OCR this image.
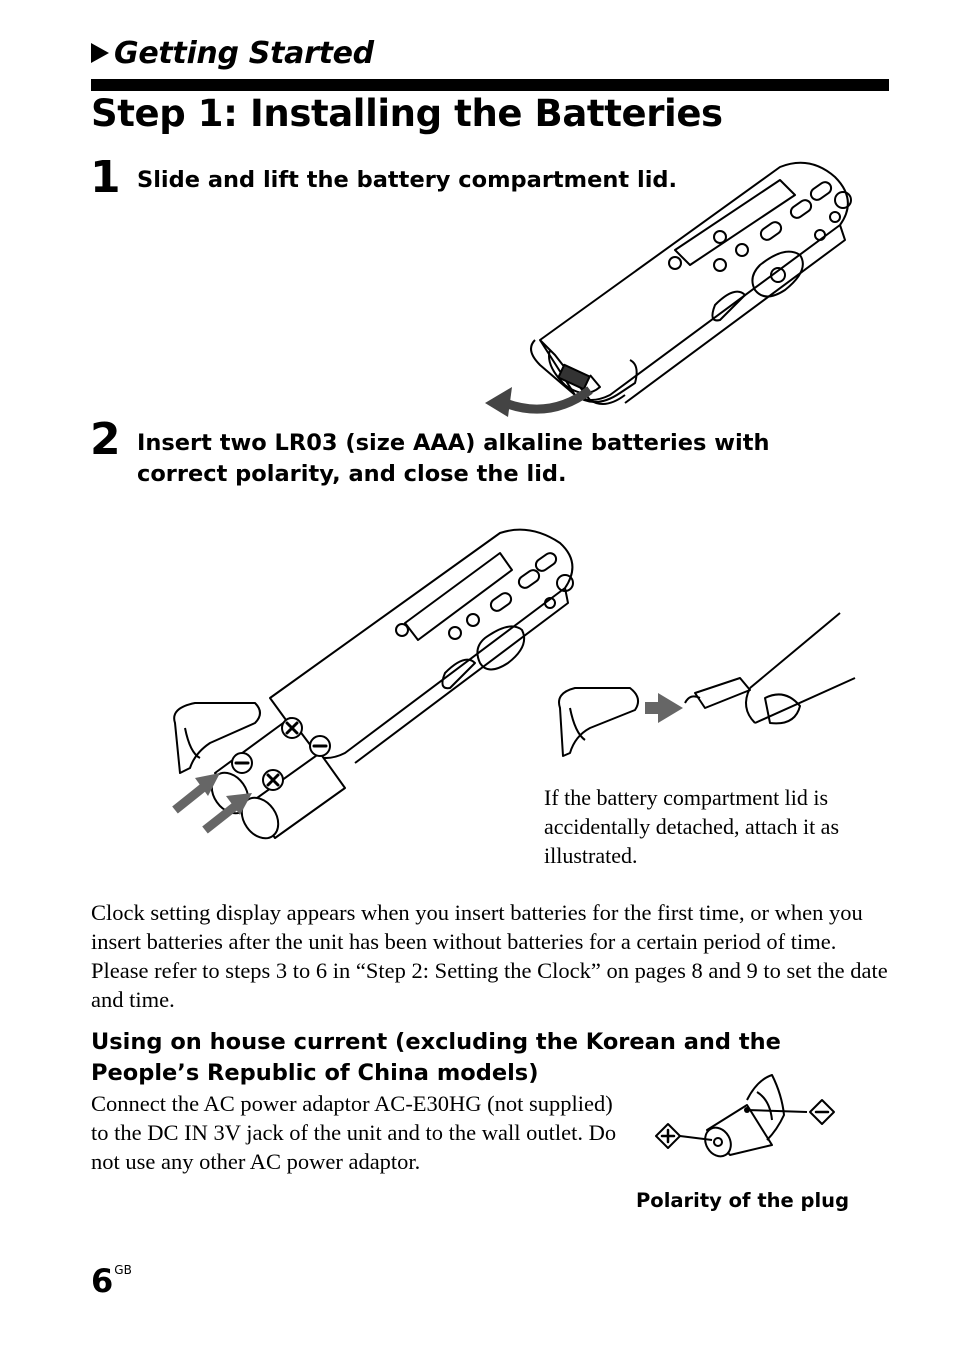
Getting Started
Step 1: Installing the Batteries
1 Slide and lift the battery compartment lid.
2 Insert two LR03 (size AAA) alkaline batteries with correct polarity, and close the lid.
If the battery compartment lid is accidentally detached, attach it as illustrated.
Clock setting display appears when you insert batteries for the first time, or when you insert batteries after the unit has been without batteries for a certain period of time. Please refer to steps 3 to 6 in “Step 2: Setting the Clock” on pages 8 and 9 to set the date and time.
Using on house current (excluding the Korean and the People’s Republic of China models)
Connect the AC power adaptor AC-E30HG (not supplied) to the DC IN 3V jack of the unit and to the wall outlet. Do not use any other AC power adaptor.
Polarity of the plug
$6^{GB}$
